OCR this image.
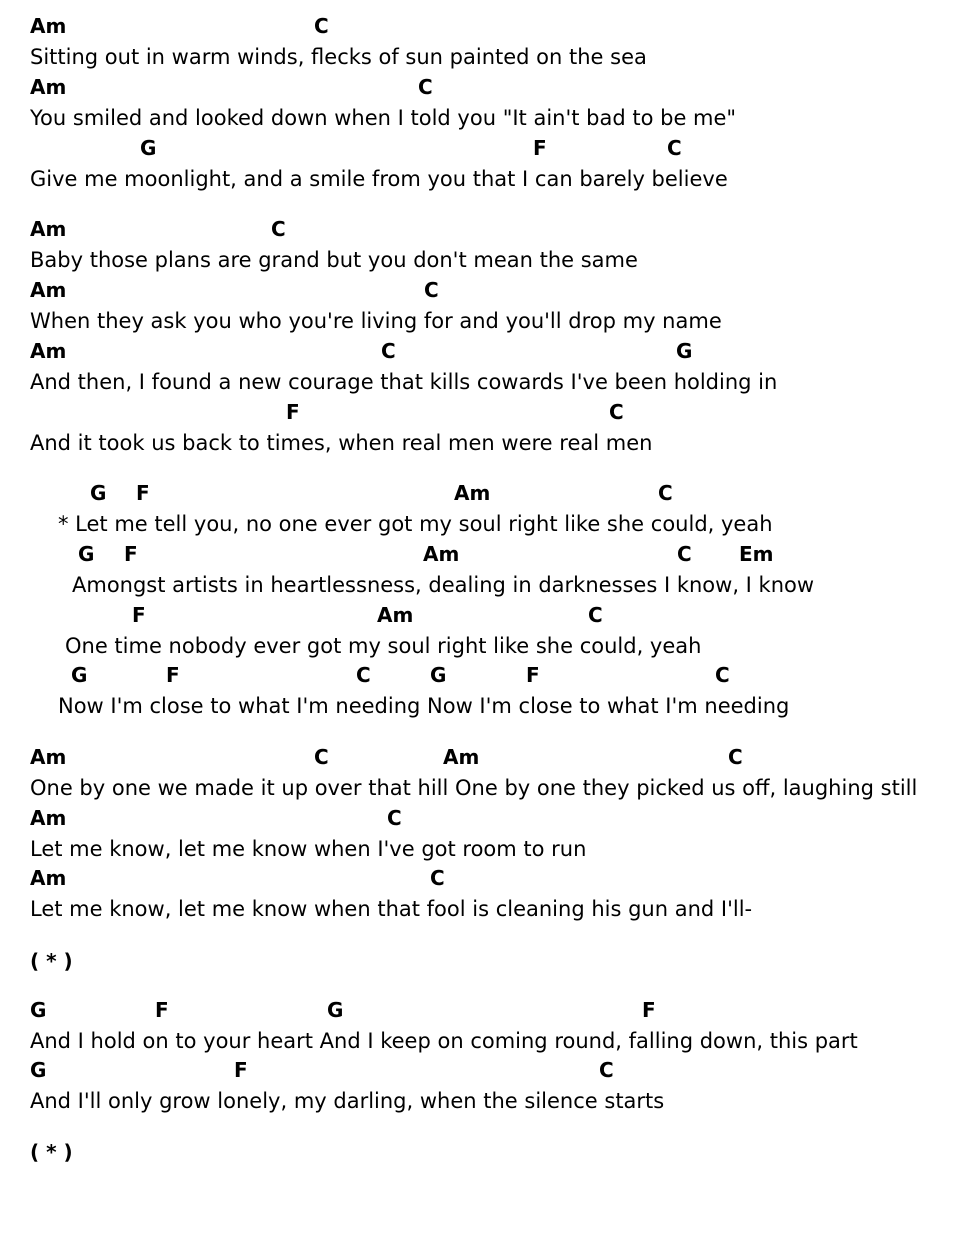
Am	C
Sitting out in warm winds, flecks of sun painted on the sea
Am	C
You smiled and looked down when I told you "It ain't bad to be me"
G	F	C
Give me moonlight, and a smile from you that I can barely believe
Am	C
Baby those plans are grand but you don't mean the same
Am	C
When they ask you who you're living for and you'll drop my name
Am	C	G
And then, I found a new courage that kills cowards I've been holding in
F	C
And it took us back to times, when real men were real men
G F	Am	C
* Let me tell you, no one ever got my soul right like she could, yeah
G F	Am	C Em
Amongst artists in heartlessness, dealing in darknesses I know, I know
F	Am	C
One time nobody ever got my soul right like she could, yeah
G	F	C	G	F	C
Now I'm close to what I'm needing Now I'm close to what I'm needing
Am	C	Am	C
One by one we made it up over that hill One by one they picked us off, laughing still
Am	C
Let me know, let me know when I've got room to run
Am	C
Let me know, let me know when that fool is cleaning his gun and I'll-
( * )
G	F	G	F
And I hold on to your heart And I keep on coming round, falling down, this part
G	F	C
And I'll only grow lonely, my darling, when the silence starts
( * )
